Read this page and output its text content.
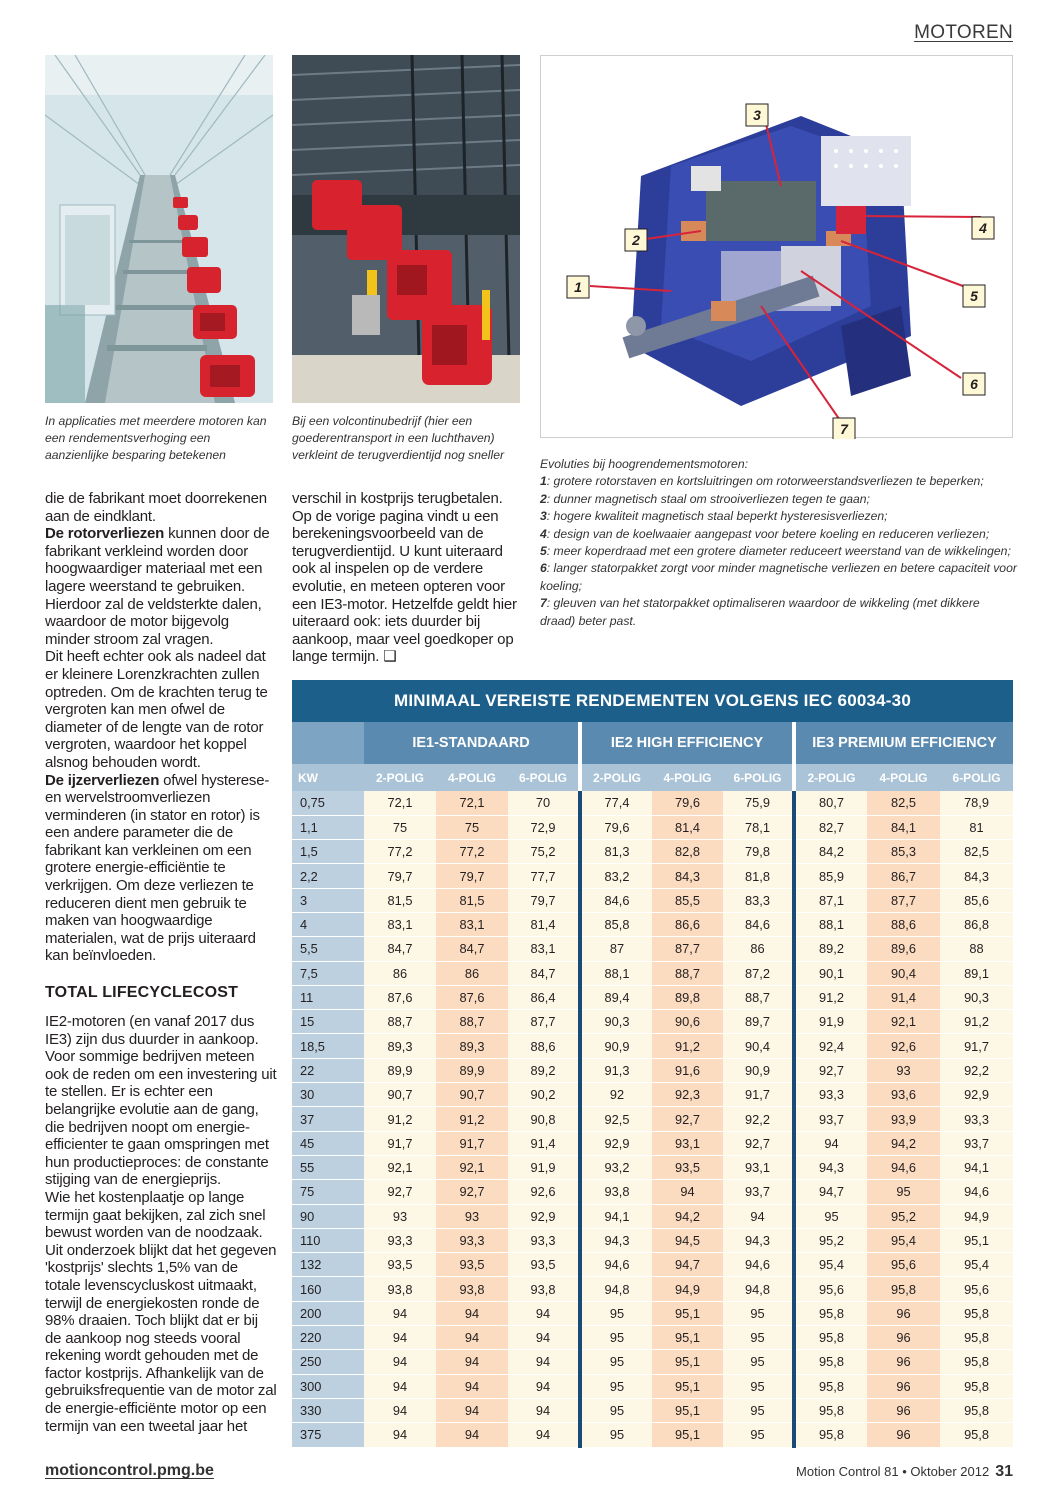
MOTOREN
3
2
4
1
5
6
7
In applicaties met meerdere motoren kan een rendementsverhoging een aanzienlijke besparing betekenen
Bij een volcontinubedrijf (hier een goederentransport in een luchthaven) verkleint de terugverdientijd nog sneller
Evoluties bij hoogrendementsmotoren:
1: grotere rotorstaven en kortsluitringen om rotorweerstandsverliezen te beperken;
2: dunner magnetisch staal om strooiverliezen tegen te gaan;
3: hogere kwaliteit magnetisch staal beperkt hysteresisverliezen;
4: design van de koelwaaier aangepast voor betere koeling en reduceren verliezen;
5: meer koperdraad met een grotere diameter reduceert weerstand van de wikkelingen;
6: langer statorpakket zorgt voor minder magnetische verliezen en betere capaciteit voor koeling;
7: gleuven van het statorpakket optimaliseren waardoor de wikkeling (met dikkere draad) beter past.
die de fabrikant moet doorrekenen aan de eindklant.
De rotorverliezen kunnen door de fabrikant verkleind worden door hoogwaardiger materiaal met een lagere weerstand te gebruiken. Hierdoor zal de veldsterkte dalen, waardoor de motor bijgevolg minder stroom zal vragen.
Dit heeft echter ook als nadeel dat er kleinere Lorenzkrachten zullen optreden. Om de krachten terug te vergroten kan men ofwel de diameter of de lengte van de rotor vergroten, waardoor het koppel alsnog behouden wordt.
De ijzerverliezen ofwel hysterese- en wervelstroomverliezen verminderen (in stator en rotor) is een andere parameter die de fabrikant kan verkleinen om een grotere energie-efficiëntie te verkrijgen. Om deze verliezen te reduceren dient men gebruik te maken van hoogwaardige materialen, wat de prijs uiteraard kan beïnvloeden.
TOTAL LIFECYCLECOST
IE2-motoren (en vanaf 2017 dus IE3) zijn dus duurder in aankoop. Voor sommige bedrijven meteen ook de reden om een investering uit te stellen. Er is echter een belangrijke evolutie aan de gang, die bedrijven noopt om energie-efficienter te gaan omspringen met hun productieproces: de constante stijging van de energieprijs.
Wie het kostenplaatje op lange termijn gaat bekijken, zal zich snel bewust worden van de noodzaak. Uit onderzoek blijkt dat het gegeven 'kostprijs' slechts 1,5% van de totale levenscycluskost uitmaakt, terwijl de energiekosten ronde de 98% draaien. Toch blijkt dat er bij de aankoop nog steeds vooral rekening wordt gehouden met de factor kostprijs. Afhankelijk van de gebruiksfrequentie van de motor zal de energie-efficiënte motor op een termijn van een tweetal jaar het
verschil in kostprijs terugbetalen. Op de vorige pagina vindt u een berekeningsvoorbeeld van de terugverdientijd. U kunt uiteraard ook al inspelen op de verdere evolutie, en meteen opteren voor een IE3-motor. Hetzelfde geldt hier uiteraard ook: iets duurder bij aankoop, maar veel goedkoper op lange termijn. ❑
MINIMAAL VEREISTE RENDEMENTEN VOLGENS IEC 60034-30
	IE1-STANDAARD			IE2 HIGH EFFICIENCY			IE3 PREMIUM EFFICIENCY		
KW	2-POLIG	4-POLIG	6-POLIG	2-POLIG	4-POLIG	6-POLIG	2-POLIG	4-POLIG	6-POLIG
0,75	72,1	72,1	70	77,4	79,6	75,9	80,7	82,5	78,9
1,1	75	75	72,9	79,6	81,4	78,1	82,7	84,1	81
1,5	77,2	77,2	75,2	81,3	82,8	79,8	84,2	85,3	82,5
2,2	79,7	79,7	77,7	83,2	84,3	81,8	85,9	86,7	84,3
3	81,5	81,5	79,7	84,6	85,5	83,3	87,1	87,7	85,6
4	83,1	83,1	81,4	85,8	86,6	84,6	88,1	88,6	86,8
5,5	84,7	84,7	83,1	87	87,7	86	89,2	89,6	88
7,5	86	86	84,7	88,1	88,7	87,2	90,1	90,4	89,1
11	87,6	87,6	86,4	89,4	89,8	88,7	91,2	91,4	90,3
15	88,7	88,7	87,7	90,3	90,6	89,7	91,9	92,1	91,2
18,5	89,3	89,3	88,6	90,9	91,2	90,4	92,4	92,6	91,7
22	89,9	89,9	89,2	91,3	91,6	90,9	92,7	93	92,2
30	90,7	90,7	90,2	92	92,3	91,7	93,3	93,6	92,9
37	91,2	91,2	90,8	92,5	92,7	92,2	93,7	93,9	93,3
45	91,7	91,7	91,4	92,9	93,1	92,7	94	94,2	93,7
55	92,1	92,1	91,9	93,2	93,5	93,1	94,3	94,6	94,1
75	92,7	92,7	92,6	93,8	94	93,7	94,7	95	94,6
90	93	93	92,9	94,1	94,2	94	95	95,2	94,9
110	93,3	93,3	93,3	94,3	94,5	94,3	95,2	95,4	95,1
132	93,5	93,5	93,5	94,6	94,7	94,6	95,4	95,6	95,4
160	93,8	93,8	93,8	94,8	94,9	94,8	95,6	95,8	95,6
200	94	94	94	95	95,1	95	95,8	96	95,8
220	94	94	94	95	95,1	95	95,8	96	95,8
250	94	94	94	95	95,1	95	95,8	96	95,8
300	94	94	94	95	95,1	95	95,8	96	95,8
330	94	94	94	95	95,1	95	95,8	96	95,8
375	94	94	94	95	95,1	95	95,8	96	95,8
motioncontrol.pmg.be	Motion Control 81 • Oktober 2012 31
